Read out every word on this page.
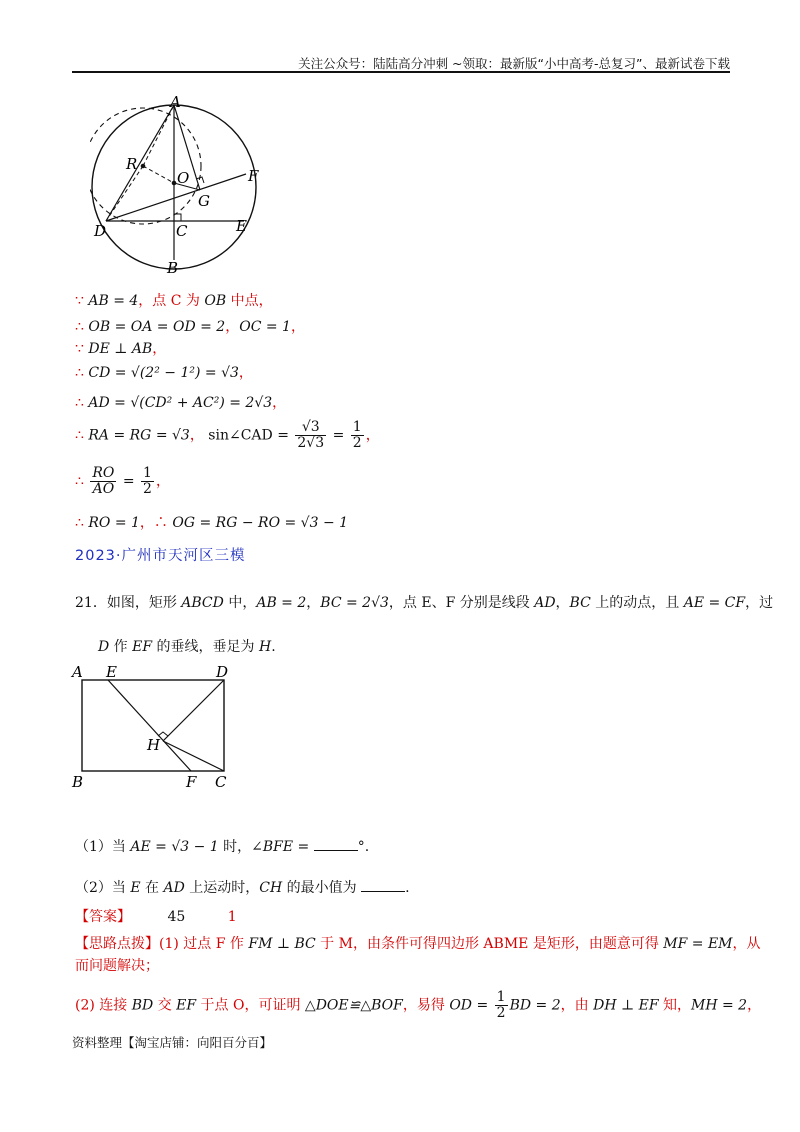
关注公众号：陆陆高分冲刺 ~领取：最新版“小中高考-总复习”、最新试卷下载
A
R
O	F
G
D	C	E
B
∵ AB = 4，点 C 为 OB 中点，
∴ OB = OA = OD = 2，OC = 1，
∵ DE ⊥ AB，
∴ CD = √(2² − 1²) = √3，
∴ AD = √(CD² + AC²) = 2√3，
∴ RA = RG = √3， sin∠CAD = $\frac{√3}{2√3} = \frac{1}{2}$ ，
∴ $\frac{RO}{AO} = \frac{1}{2}$ ，
∴ RO = 1，∴ OG = RG − RO = √3 − 1
2023·广州市天河区三模
21．如图，矩形 ABCD 中，AB = 2，BC = 2√3，点 E、F 分别是线段 AD，BC 上的动点，且 AE = CF，过
D 作 EF 的垂线，垂足为 H.
A E	D
H
B	F C
（1）当 AE = √3 − 1 时，∠BFE =	°.
（2）当 E 在 AD 上运动时，CH 的最小值为	.
【答案】	45	1
【思路点拨】(1) 过点 F 作 FM ⊥ BC 于 M，由条件可得四边形 ABME 是矩形，由题意可得 MF = EM，从
而问题解决；
(2) 连接 BD 交 EF 于点 O，可证明 △DOE≌△BOF，易得 OD = $\frac{1}{2}$ BD = 2，由 DH ⊥ EF 知，MH = 2，
资料整理【淘宝店铺：向阳百分百】
